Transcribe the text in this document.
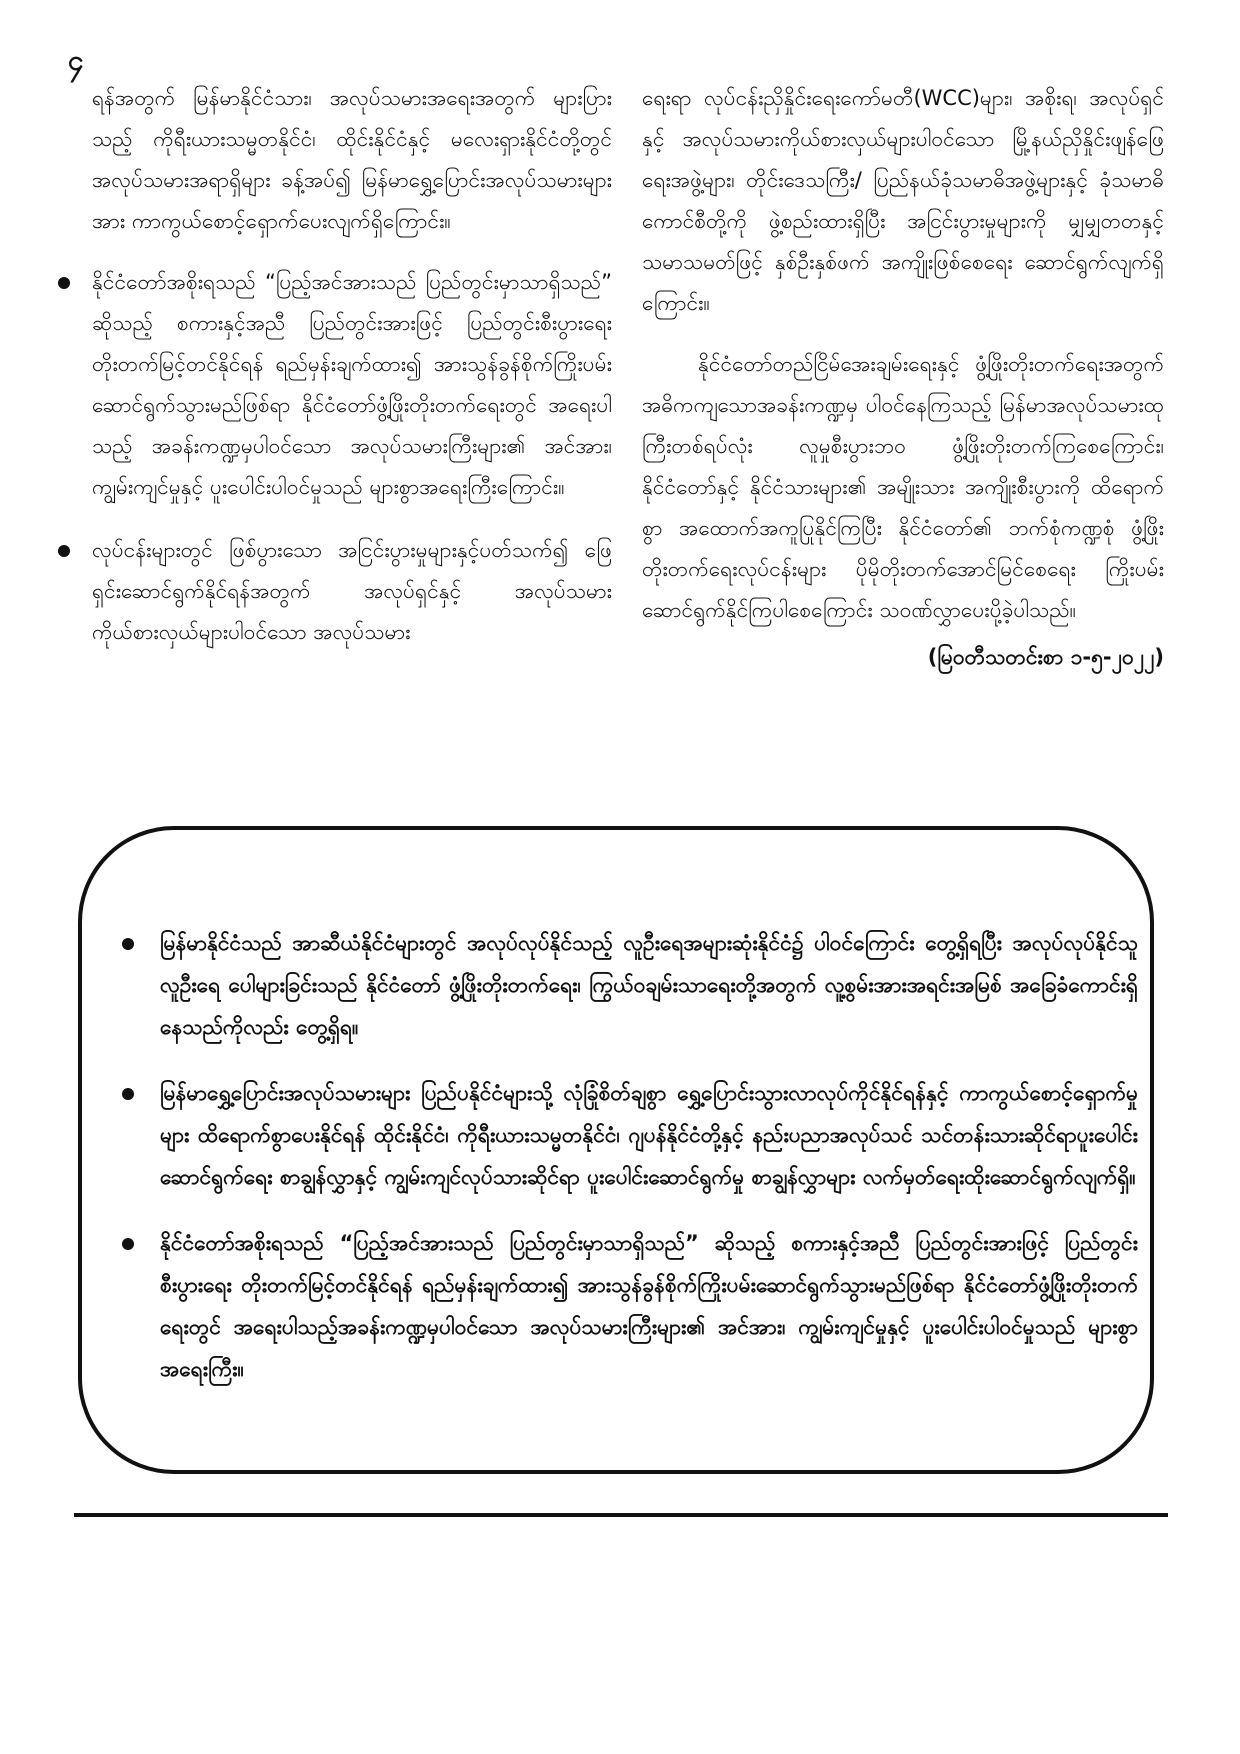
၄

ရန်အတွက် မြန်မာနိုင်ငံသား၊ အလုပ်သမားအရေးအတွက် များပြားသည့် ကိုရီးယားသမ္မတနိုင်ငံ၊ ထိုင်းနိုင်ငံနှင့် မလေးရှားနိုင်ငံတို့တွင် အလုပ်သမားအရာရှိများ ခန့်အပ်၍ မြန်မာရွှေ့ပြောင်းအလုပ်သမားများအား ကာကွယ်စောင့်ရှောက်ပေးလျက်ရှိကြောင်း။

နိုင်ငံတော်အစိုးရသည် “ပြည့်အင်အားသည် ပြည်တွင်းမှာသာရှိသည်” ဆိုသည့် စကားနှင့်အညီ ပြည်တွင်းအားဖြင့် ပြည်တွင်းစီးပွားရေး တိုးတက်မြင့်တင်နိုင်ရန် ရည်မှန်းချက်ထား၍ အားသွန်ခွန်စိုက်ကြိုးပမ်းဆောင်ရွက်သွားမည်ဖြစ်ရာ နိုင်ငံတော်ဖွံ့ဖြိုးတိုးတက်ရေးတွင် အရေးပါသည့် အခန်းကဏ္ဍမှပါဝင်သော အလုပ်သမားကြီးများ၏ အင်အား၊ ကျွမ်းကျင်မှုနှင့် ပူးပေါင်းပါဝင်မှုသည် များစွာအရေးကြီးကြောင်း။
လုပ်ငန်းများတွင် ဖြစ်ပွားသော အငြင်းပွားမှုများနှင့်ပတ်သက်၍ ဖြေရှင်းဆောင်ရွက်နိုင်ရန်အတွက် အလုပ်ရှင်နှင့် အလုပ်သမားကိုယ်စားလှယ်များပါဝင်သော အလုပ်သမား

ရေးရာ လုပ်ငန်းညှိနှိုင်းရေးကော်မတီ(WCC)များ၊ အစိုးရ၊ အလုပ်ရှင်နှင့် အလုပ်သမားကိုယ်စားလှယ်များပါဝင်သော မြို့နယ်ညှိနှိုင်းဖျန်ဖြေရေးအဖွဲ့များ၊ တိုင်းဒေသကြီး/ ပြည်နယ်ခုံသမာဓိအဖွဲ့များနှင့် ခုံသမာဓိကောင်စီတို့ကို ဖွဲ့စည်းထားရှိပြီး အငြင်းပွားမှုများကို မျှမျှတတနှင့် သမာသမတ်ဖြင့် နှစ်ဦးနှစ်ဖက် အကျိုးဖြစ်စေရေး ဆောင်ရွက်လျက်ရှိကြောင်း။

နိုင်ငံတော်တည်ငြိမ်အေးချမ်းရေးနှင့် ဖွံ့ဖြိုးတိုးတက်ရေးအတွက် အဓိကကျသောအခန်းကဏ္ဍမှ ပါဝင်နေကြသည့် မြန်မာအလုပ်သမားထုကြီးတစ်ရပ်လုံး လူမှုစီးပွားဘဝ ဖွံ့ဖြိုးတိုးတက်ကြစေကြောင်း၊ နိုင်ငံတော်နှင့် နိုင်ငံသားများ၏ အမျိုးသား အကျိုးစီးပွားကို ထိရောက်စွာ အထောက်အကူပြုနိုင်ကြပြီး နိုင်ငံတော်၏ ဘက်စုံကဏ္ဍစုံ ဖွံ့ဖြိုးတိုးတက်ရေးလုပ်ငန်းများ ပိုမိုတိုးတက်အောင်မြင်စေရေး ကြိုးပမ်းဆောင်ရွက်နိုင်ကြပါစေကြောင်း သဝဏ်လွှာပေးပို့ခဲ့ပါသည်။

(မြဝတီသတင်းစာ ၁-၅-၂၀၂၂)
မြန်မာနိုင်ငံသည် အာဆီယံနိုင်ငံများတွင် အလုပ်လုပ်နိုင်သည့် လူဦးရေအများဆုံးနိုင်ငံ၌ ပါဝင်ကြောင်း တွေ့ရှိရပြီး အလုပ်လုပ်နိုင်သူလူဦးရေ ပေါများခြင်းသည် နိုင်ငံတော် ဖွံ့ဖြိုးတိုးတက်ရေး၊ ကြွယ်ဝချမ်းသာရေးတို့အတွက် လူ့စွမ်းအားအရင်းအမြစ် အခြေခံကောင်းရှိနေသည်ကိုလည်း တွေ့ရှိရ။
မြန်မာရွှေ့ပြောင်းအလုပ်သမားများ ပြည်ပနိုင်ငံများသို့ လုံခြုံစိတ်ချစွာ ရွှေ့ပြောင်းသွားလာလုပ်ကိုင်နိုင်ရန်နှင့် ကာကွယ်စောင့်ရှောက်မှုများ ထိရောက်စွာပေးနိုင်ရန် ထိုင်းနိုင်ငံ၊ ကိုရီးယားသမ္မတနိုင်ငံ၊ ဂျပန်နိုင်ငံတို့နှင့် နည်းပညာအလုပ်သင် သင်တန်းသားဆိုင်ရာပူးပေါင်းဆောင်ရွက်ရေး စာချွန်လွှာနှင့် ကျွမ်းကျင်လုပ်သားဆိုင်ရာ ပူးပေါင်းဆောင်ရွက်မှု စာချွန်လွှာများ လက်မှတ်ရေးထိုးဆောင်ရွက်လျက်ရှိ။
နိုင်ငံတော်အစိုးရသည် “ပြည့်အင်အားသည် ပြည်တွင်းမှာသာရှိသည်” ဆိုသည့် စကားနှင့်အညီ ပြည်တွင်းအားဖြင့် ပြည်တွင်းစီးပွားရေး တိုးတက်မြင့်တင်နိုင်ရန် ရည်မှန်းချက်ထား၍ အားသွန်ခွန်စိုက်ကြိုးပမ်းဆောင်ရွက်သွားမည်ဖြစ်ရာ နိုင်ငံတော်ဖွံ့ဖြိုးတိုးတက်ရေးတွင် အရေးပါသည့်အခန်းကဏ္ဍမှပါဝင်သော အလုပ်သမားကြီးများ၏ အင်အား၊ ကျွမ်းကျင်မှုနှင့် ပူးပေါင်းပါဝင်မှုသည် များစွာအရေးကြီး။
